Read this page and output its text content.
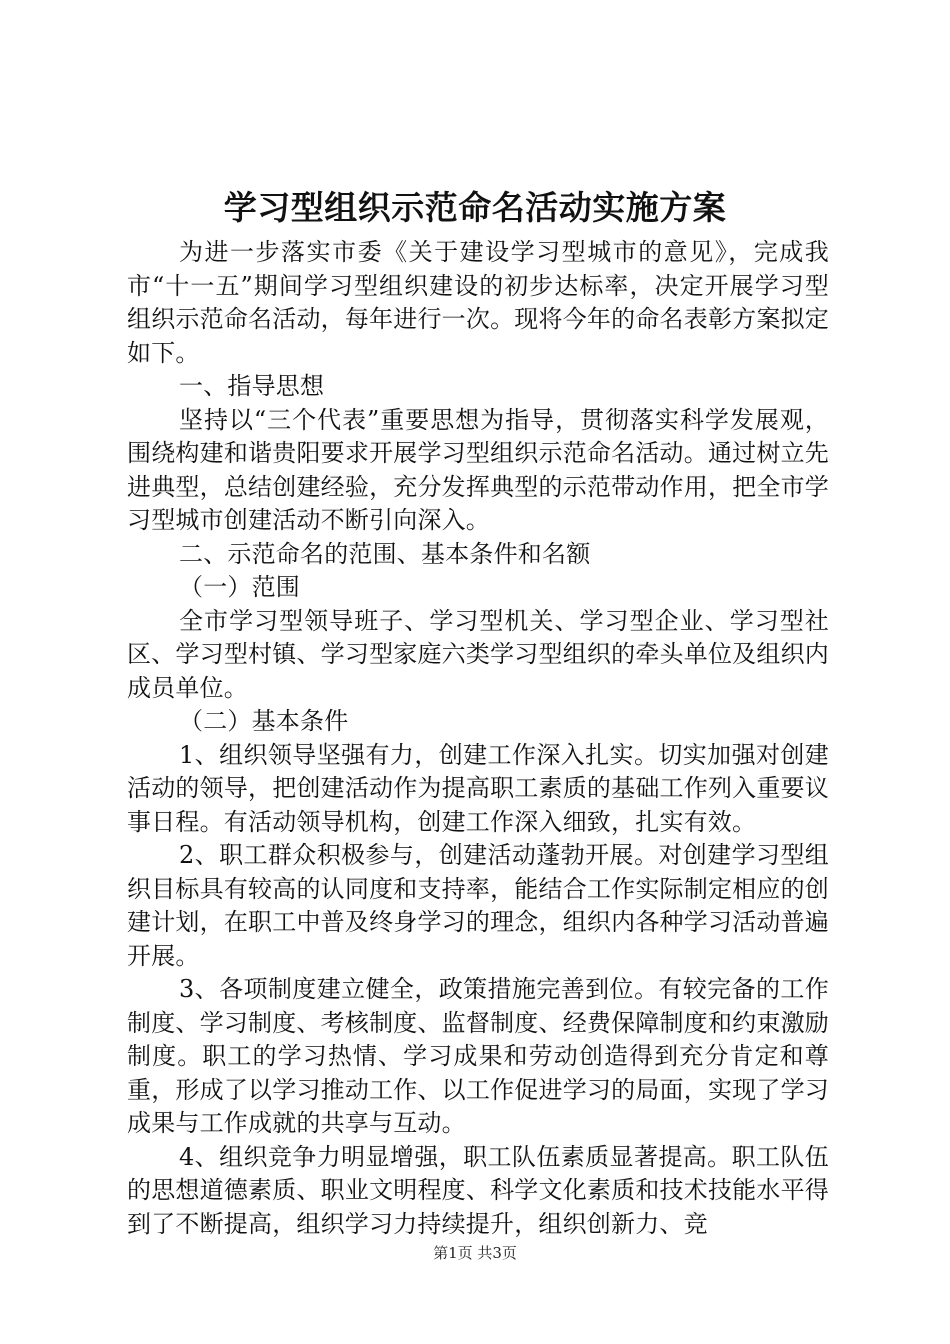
学习型组织示范命名活动实施方案

为进一步落实市委《关于建设学习型城市的意见》，完成我市“十一五”期间学习型组织建设的初步达标率，决定开展学习型组织示范命名活动，每年进行一次。现将今年的命名表彰方案拟定如下。

一、指导思想

坚持以“三个代表”重要思想为指导，贯彻落实科学发展观，围绕构建和谐贵阳要求开展学习型组织示范命名活动。通过树立先进典型，总结创建经验，充分发挥典型的示范带动作用，把全市学习型城市创建活动不断引向深入。

二、示范命名的范围、基本条件和名额

（一）范围

全市学习型领导班子、学习型机关、学习型企业、学习型社区、学习型村镇、学习型家庭六类学习型组织的牵头单位及组织内成员单位。

（二）基本条件

1、组织领导坚强有力，创建工作深入扎实。切实加强对创建活动的领导，把创建活动作为提高职工素质的基础工作列入重要议事日程。有活动领导机构，创建工作深入细致，扎实有效。

2、职工群众积极参与，创建活动蓬勃开展。对创建学习型组织目标具有较高的认同度和支持率，能结合工作实际制定相应的创建计划，在职工中普及终身学习的理念，组织内各种学习活动普遍开展。

3、各项制度建立健全，政策措施完善到位。有较完备的工作制度、学习制度、考核制度、监督制度、经费保障制度和约束激励制度。职工的学习热情、学习成果和劳动创造得到充分肯定和尊重，形成了以学习推动工作、以工作促进学习的局面，实现了学习成果与工作成就的共享与互动。

4、组织竞争力明显增强，职工队伍素质显著提高。职工队伍的思想道德素质、职业文明程度、科学文化素质和技术技能水平得到了不断提高，组织学习力持续提升，组织创新力、竞

第1页 共3页
